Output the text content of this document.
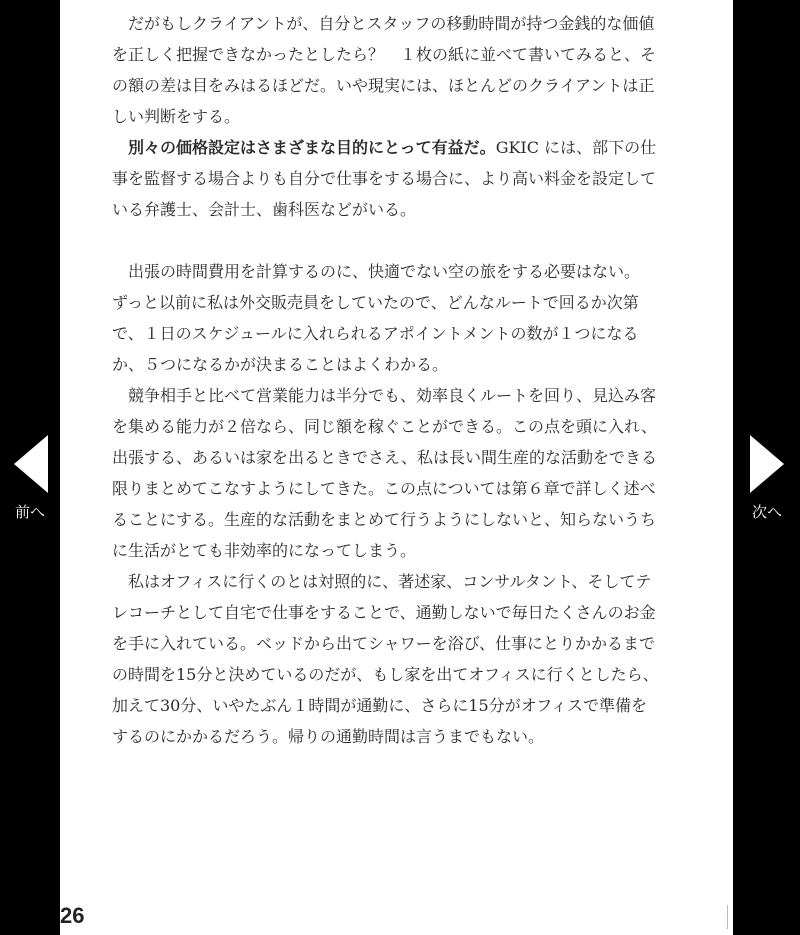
前へ
だがもしクライアントが、自分とスタッフの移動時間が持つ金銭的な価値
を正しく把握できなかったとしたら？　１枚の紙に並べて書いてみると、そ
の額の差は目をみはるほどだ。いや現実には、ほとんどのクライアントは正
しい判断をする。
別々の価格設定はさまざまな目的にとって有益だ。GKIC には、部下の仕
事を監督する場合よりも自分で仕事をする場合に、より高い料金を設定して
いる弁護士、会計士、歯科医などがいる。
出張の時間費用を計算するのに、快適でない空の旅をする必要はない。
ずっと以前に私は外交販売員をしていたので、どんなルートで回るか次第
で、１日のスケジュールに入れられるアポイントメントの数が１つになる
か、５つになるかが決まることはよくわかる。
競争相手と比べて営業能力は半分でも、効率良くルートを回り、見込み客
を集める能力が２倍なら、同じ額を稼ぐことができる。この点を頭に入れ、
出張する、あるいは家を出るときでさえ、私は長い間生産的な活動をできる
限りまとめてこなすようにしてきた。この点については第６章で詳しく述べ
ることにする。生産的な活動をまとめて行うようにしないと、知らないうち
に生活がとても非効率的になってしまう。
私はオフィスに行くのとは対照的に、著述家、コンサルタント、そしてテ
レコーチとして自宅で仕事をすることで、通勤しないで毎日たくさんのお金
を手に入れている。ベッドから出てシャワーを浴び、仕事にとりかかるまで
の時間を15分と決めているのだが、もし家を出てオフィスに行くとしたら、
加えて30分、いやたぶん１時間が通勤に、さらに15分がオフィスで準備を
するのにかかるだろう。帰りの通勤時間は言うまでもない。
26
次へ
